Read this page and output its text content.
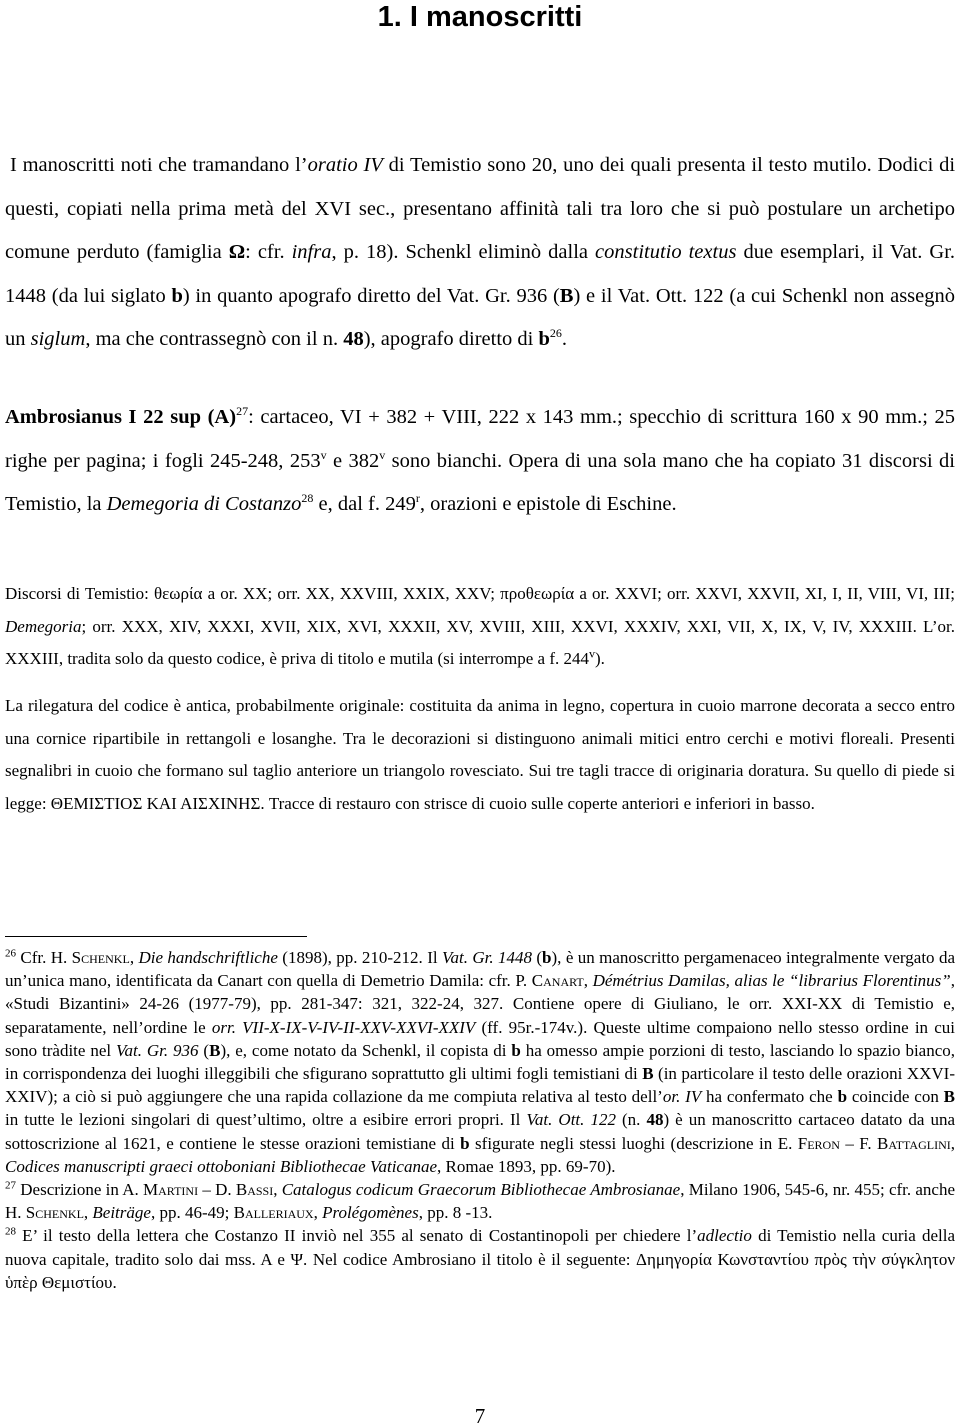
1. I manoscritti

I manoscritti noti che tramandano l’oratio IV di Temistio sono 20, uno dei quali presenta il testo mutilo. Dodici di questi, copiati nella prima metà del XVI sec., presentano affinità tali tra loro che si può postulare un archetipo comune perduto (famiglia Ω: cfr. infra, p. 18). Schenkl eliminò dalla constitutio textus due esemplari, il Vat. Gr. 1448 (da lui siglato b) in quanto apografo diretto del Vat. Gr. 936 (B) e il Vat. Ott. 122 (a cui Schenkl non assegnò un siglum, ma che contrassegnò con il n. 48), apografo diretto di $b^{26}$.

Ambrosianus I 22 sup $(A)^{27}$: cartaceo, VI + 382 + VIII, 222 x 143 mm.; specchio di scrittura 160 x 90 mm.; 25 righe per pagina; i fogli 245-248, 253$^v$ e 382$^v$ sono bianchi. Opera di una sola mano che ha copiato 31 discorsi di Temistio, la Demegoria di Costanzo$^{28}$ e, dal f. 249$^r$, orazioni e epistole di Eschine.

Discorsi di Temistio: θεωρία a or. XX; orr. XX, XXVIII, XXIX, XXV; προθεωρία a or. XXVI; orr. XXVI, XXVII, XI, I, II, VIII, VI, III; Demegoria; orr. XXX, XIV, XXXI, XVII, XIX, XVI, XXXII, XV, XVIII, XIII, XXVI, XXXIV, XXI, VII, X, IX, V, IV, XXXIII. L’or. XXXIII, tradita solo da questo codice, è priva di titolo e mutila (si interrompe a f. 244$^v$).

La rilegatura del codice è antica, probabilmente originale: costituita da anima in legno, copertura in cuoio marrone decorata a secco entro una cornice ripartibile in rettangoli e losanghe. Tra le decorazioni si distinguono animali mitici entro cerchi e motivi floreali. Presenti segnalibri in cuoio che formano sul taglio anteriore un triangolo rovesciato. Sui tre tagli tracce di originaria doratura. Su quello di piede si legge: ΘΕΜΙΣΤΙΟΣ ΚΑΙ ΑΙΣΧΙΝΗΣ. Tracce di restauro con strisce di cuoio sulle coperte anteriori e inferiori in basso.

$^{26}$ Cfr. H. Schenkl, Die handschriftliche (1898), pp. 210-212. Il Vat. Gr. 1448 (b), è un manoscritto pergamenaceo integralmente vergato da un’unica mano, identificata da Canart con quella di Demetrio Damila: cfr. P. Canart, Démétrius Damilas, alias le “librarius Florentinus”, «Studi Bizantini» 24-26 (1977-79), pp. 281-347: 321, 322-24, 327. Contiene opere di Giuliano, le orr. XXI-XX di Temistio e, separatamente, nell’ordine le orr. VII-X-IX-V-IV-II-XXV-XXVI-XXIV (ff. 95r.-174v.). Queste ultime compaiono nello stesso ordine in cui sono tràdite nel Vat. Gr. 936 (B), e, come notato da Schenkl, il copista di b ha omesso ampie porzioni di testo, lasciando lo spazio bianco, in corrispondenza dei luoghi illeggibili che sfigurano soprattutto gli ultimi fogli temistiani di B (in particolare il testo delle orazioni XXVI-XXIV); a ciò si può aggiungere che una rapida collazione da me compiuta relativa al testo dell’or. IV ha confermato che b coincide con B in tutte le lezioni singolari di quest’ultimo, oltre a esibire errori propri. Il Vat. Ott. 122 (n. 48) è un manoscritto cartaceo datato da una sottoscrizione al 1621, e contiene le stesse orazioni temistiane di b sfigurate negli stessi luoghi (descrizione in E. Feron – F. Battaglini, Codices manuscripti graeci ottoboniani Bibliothecae Vaticanae, Romae 1893, pp. 69-70).

$^{27}$ Descrizione in A. Martini – D. Bassi, Catalogus codicum Graecorum Bibliothecae Ambrosianae, Milano 1906, 545-6, nr. 455; cfr. anche H. Schenkl, Beiträge, pp. 46-49; Balleriaux, Prolégomènes, pp. 8 -13.

$^{28}$ E’ il testo della lettera che Costanzo II inviò nel 355 al senato di Costantinopoli per chiedere l’adlectio di Temistio nella curia della nuova capitale, tradito solo dai mss. A e Ψ. Nel codice Ambrosiano il titolo è il seguente: Δημηγορία Κωνσταντίου πρὸς τὴν σύγκλητον ὑπὲρ Θεμιστίου.

7
